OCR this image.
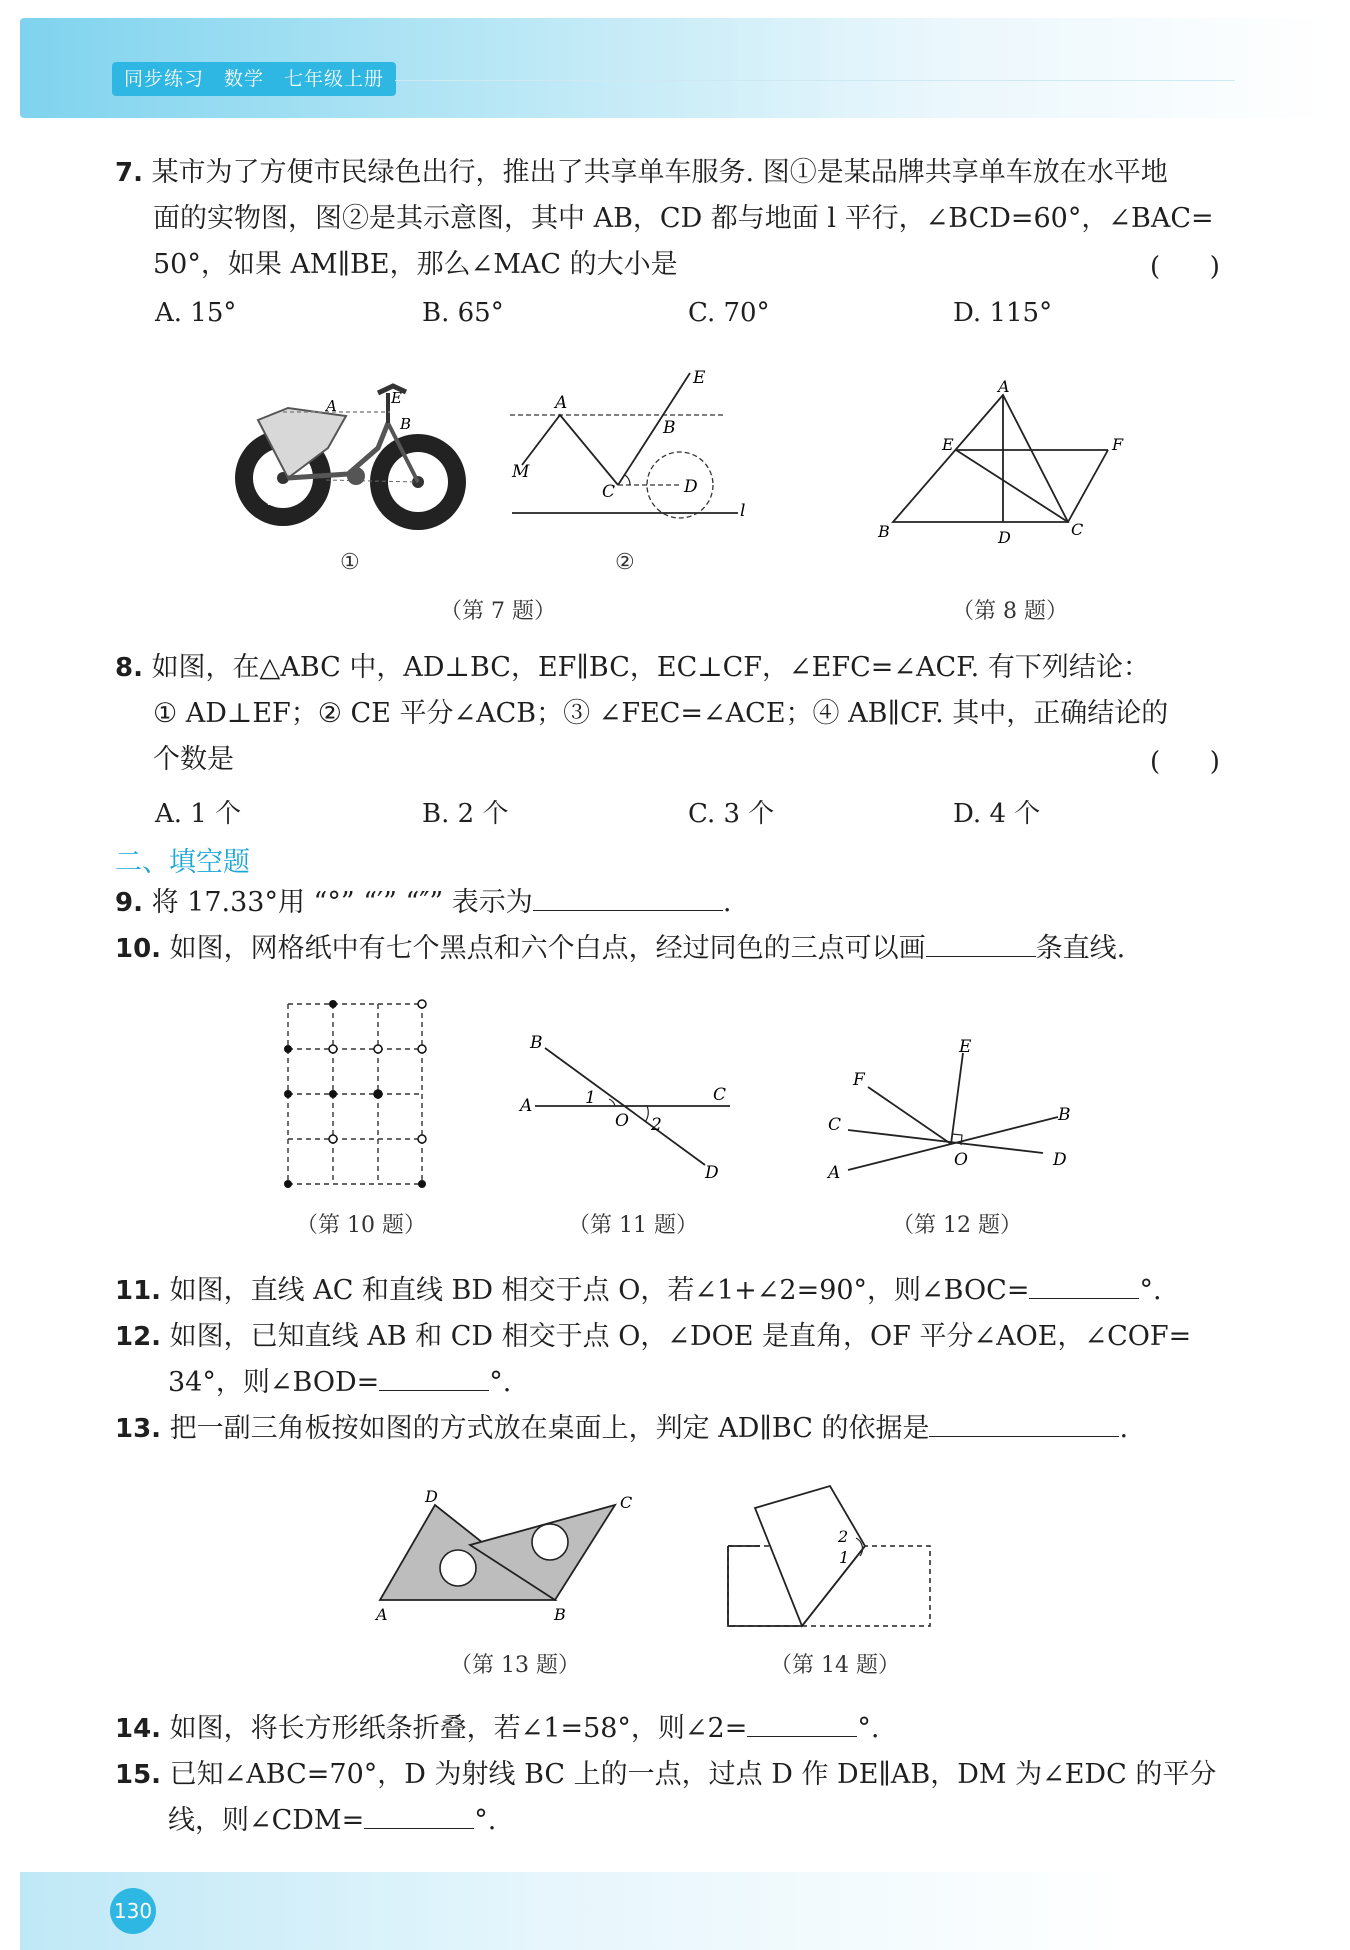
同步练习　数学　七年级上册
7. 某市为了方便市民绿色出行，推出了共享单车服务. 图①是某品牌共享单车放在水平地
面的实物图，图②是其示意图，其中 AB，CD 都与地面 l 平行，∠BCD=60°，∠BAC=
50°，如果 AM∥BE，那么∠MAC 的大小是	(      )
A. 15°	B. 65°	C. 70°	D. 115°
A	E
B
M
C
D
①
A
B
C	D
E
M
l
②
（第 7 题）
A
E	F
B	D	C
（第 8 题）
8. 如图，在△ABC 中，AD⊥BC，EF∥BC，EC⊥CF，∠EFC=∠ACF. 有下列结论：
① AD⊥EF；② CE 平分∠ACB；③ ∠FEC=∠ACE；④ AB∥CF. 其中，正确结论的
个数是	(      )
A. 1 个	B. 2 个	C. 3 个	D. 4 个
二、填空题
9. 将 17.33°用 “°” “′” “″” 表示为	.
10. 如图，网格纸中有七个黑点和六个白点，经过同色的三点可以画	条直线.
（第 10 题）
B
A
C
D
O
1
2
（第 11 题）
E
F
C	B
A
D
O
（第 12 题）
11. 如图，直线 AC 和直线 BD 相交于点 O，若∠1+∠2=90°，则∠BOC=	°.
12. 如图，已知直线 AB 和 CD 相交于点 O，∠DOE 是直角，OF 平分∠AOE，∠COF=
34°，则∠BOD=	°.
13. 把一副三角板按如图的方式放在桌面上，判定 AD∥BC 的依据是	.
D	C
A	B
（第 13 题）
2
1
（第 14 题）
14. 如图，将长方形纸条折叠，若∠1=58°，则∠2=	°.
15. 已知∠ABC=70°，D 为射线 BC 上的一点，过点 D 作 DE∥AB，DM 为∠EDC 的平分
线，则∠CDM=	°.
130
